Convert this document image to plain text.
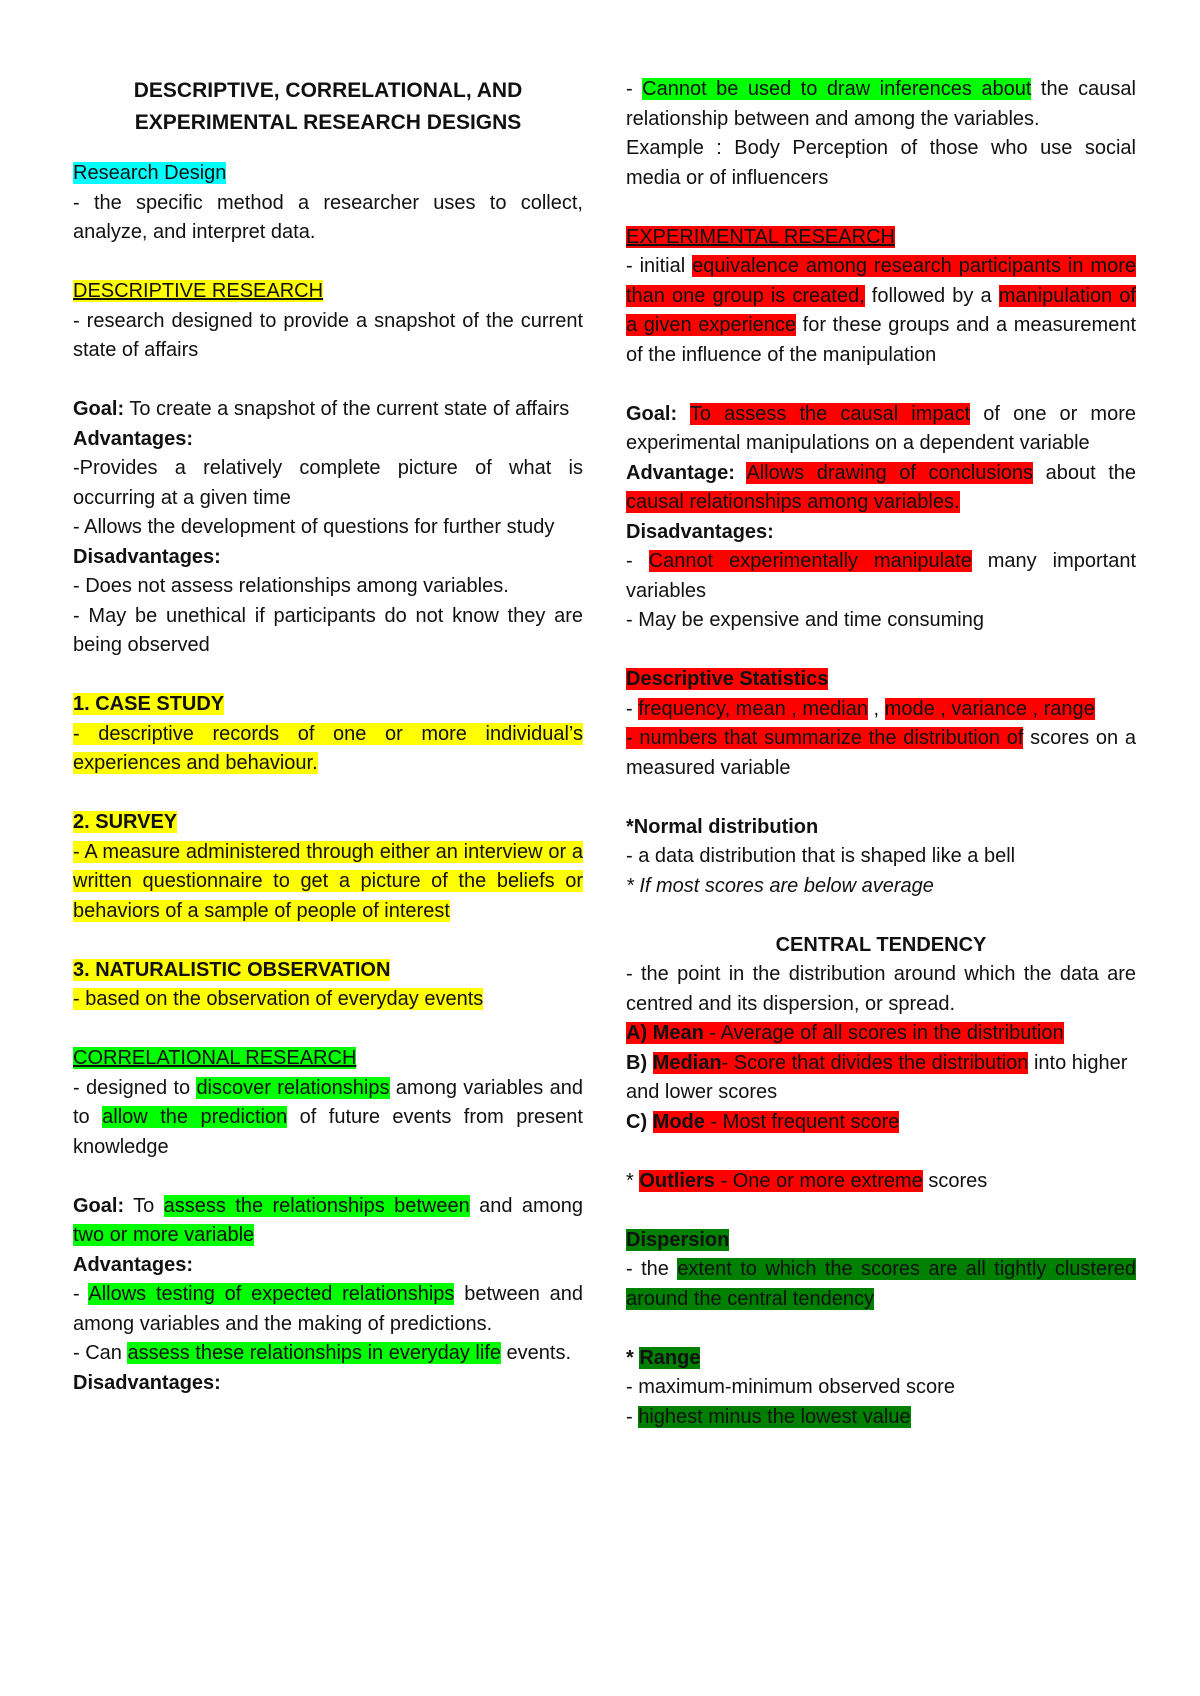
DESCRIPTIVE, CORRELATIONAL, AND
EXPERIMENTAL RESEARCH DESIGNS

Research Design

- the specific method a researcher uses to collect, analyze, and interpret data.

DESCRIPTIVE RESEARCH

- research designed to provide a snapshot of the current state of affairs

Goal: To create a snapshot of the current state of affairs

Advantages:

-Provides a relatively complete picture of what is occurring at a given time

- Allows the development of questions for further study

Disadvantages:

- Does not assess relationships among variables.

- May be unethical if participants do not know they are being observed

1. CASE STUDY

- descriptive records of one or more individual’s experiences and behaviour.

2. SURVEY

- A measure administered through either an interview or a written questionnaire to get a picture of the beliefs or behaviors of a sample of people of interest

3. NATURALISTIC OBSERVATION

- based on the observation of everyday events

CORRELATIONAL RESEARCH

- designed to discover relationships among variables and to allow the prediction of future events from present knowledge

Goal: To assess the relationships between and among two or more variable

Advantages:

- Allows testing of expected relationships between and among variables and the making of predictions.

- Can assess these relationships in everyday life events.

Disadvantages:

- Cannot be used to draw inferences about the causal relationship between and among the variables.

Example : Body Perception of those who use social media or of influencers

EXPERIMENTAL RESEARCH

- initial equivalence among research participants in more than one group is created, followed by a manipulation of a given experience for these groups and a measurement of the influence of the manipulation

Goal: To assess the causal impact of one or more experimental manipulations on a dependent variable

Advantage: Allows drawing of conclusions about the causal relationships among variables.

Disadvantages:

- Cannot experimentally manipulate many important variables

- May be expensive and time consuming

Descriptive Statistics

- frequency, mean , median , mode , variance , range

- numbers that summarize the distribution of scores on a measured variable

*Normal distribution

- a data distribution that is shaped like a bell

* If most scores are below average

CENTRAL TENDENCY

- the point in the distribution around which the data are centred and its dispersion, or spread.

A) Mean - Average of all scores in the distribution

B) Median- Score that divides the distribution into higher and lower scores

C) Mode - Most frequent score

* Outliers - One or more extreme scores

Dispersion

- the extent to which the scores are all tightly clustered around the central tendency

* Range

- maximum-minimum observed score

- highest minus the lowest value
